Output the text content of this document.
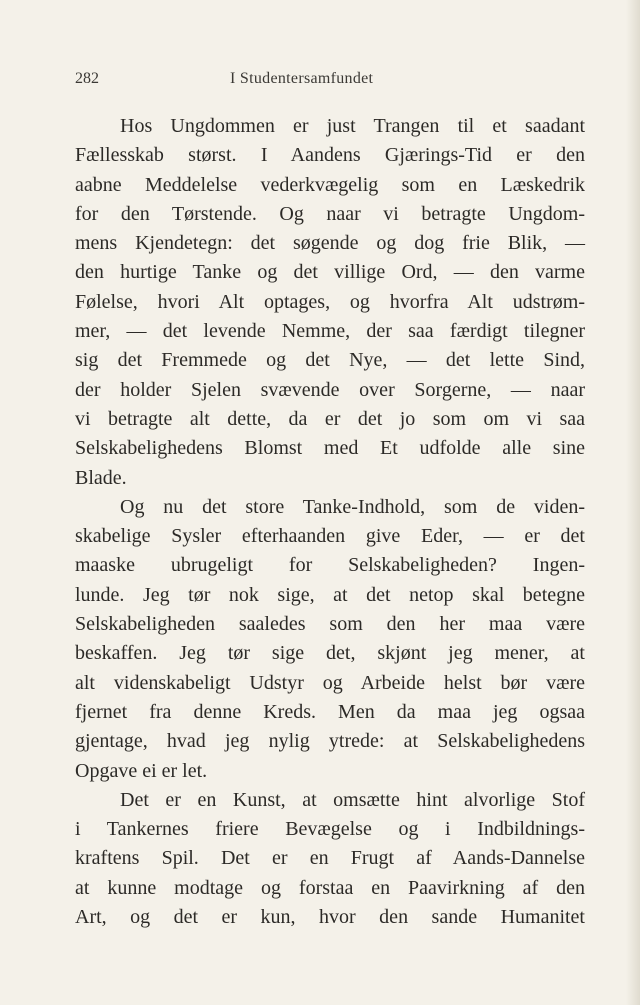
282	I Studentersamfundet
Hos Ungdommen er just Trangen til et saadant
Fællesskab størst. I Aandens Gjærings-Tid er den
aabne Meddelelse vederkvægelig som en Læskedrik
for den Tørstende. Og naar vi betragte Ungdom-
mens Kjendetegn: det søgende og dog frie Blik, —
den hurtige Tanke og det villige Ord, — den varme
Følelse, hvori Alt optages, og hvorfra Alt udstrøm-
mer, — det levende Nemme, der saa færdigt tilegner
sig det Fremmede og det Nye, — det lette Sind,
der holder Sjelen svævende over Sorgerne, — naar
vi betragte alt dette, da er det jo som om vi saa
Selskabelighedens Blomst med Et udfolde alle sine
Blade.
Og nu det store Tanke-Indhold, som de viden-
skabelige Sysler efterhaanden give Eder, — er det
maaske ubrugeligt for Selskabeligheden? Ingen-
lunde. Jeg tør nok sige, at det netop skal betegne
Selskabeligheden saaledes som den her maa være
beskaffen. Jeg tør sige det, skjønt jeg mener, at
alt videnskabeligt Udstyr og Arbeide helst bør være
fjernet fra denne Kreds. Men da maa jeg ogsaa
gjentage, hvad jeg nylig ytrede: at Selskabelighedens
Opgave ei er let.
Det er en Kunst, at omsætte hint alvorlige Stof
i Tankernes friere Bevægelse og i Indbildnings-
kraftens Spil. Det er en Frugt af Aands-Dannelse
at kunne modtage og forstaa en Paavirkning af den
Art, og det er kun, hvor den sande Humanitet
